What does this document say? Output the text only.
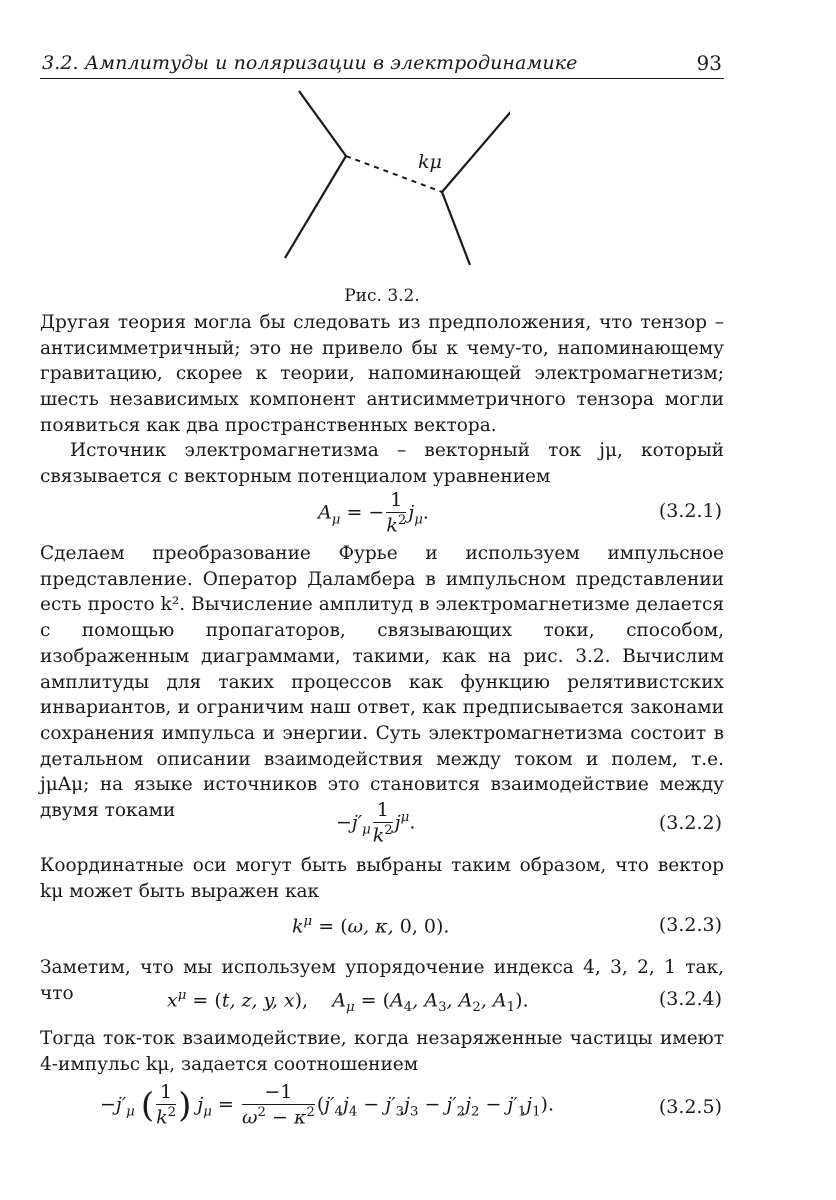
3.2. Амплитуды и поляризации в электродинамике	93
kμ
Рис. 3.2.

Другая теория могла бы следовать из предположения, что тензор – антисимметричный; это не привело бы к чему-то, напоминающему гравитацию, скорее к теории, напоминающей электромагнетизм; шесть независимых компонент антисимметричного тензора могли появиться как два пространственных вектора.

Источник электромагнетизма – векторный ток jμ, который связывается с векторным потенциалом уравнением

$A_\mu$ = − $\frac{1}{k^2} j_\mu$.	(3.2.1)

Сделаем преобразование Фурье и используем импульсное представление. Оператор Даламбера в импульсном представлении есть просто k². Вычисление амплитуд в электромагнетизме делается с помощью пропагаторов, связывающих токи, способом, изображенным диаграммами, такими, как на рис. 3.2. Вычислим амплитуды для таких процессов как функцию релятивистских инвариантов, и ограничим наш ответ, как предписывается законами сохранения импульса и энергии. Суть электромагнетизма состоит в детальном описании взаимодействия между током и полем, т.е. jμAμ; на языке источников это становится взаимодействие между двумя токами

$-j'_\mu \frac{1}{k^2} j^\mu$.	(3.2.2)

Координатные оси могут быть выбраны таким образом, что вектор kμ может быть выражен как

$k^\mu = (\omega$, κ, 0, 0).	(3.2.3)

Заметим, что мы используем упорядочение индекса 4, 3, 2, 1 так, что	$x^\mu = (t$, z, y, x),    $A_\mu = (A_4$, $A_3$, $A_2$, $A_1$).	(3.2.4)

Тогда ток-ток взаимодействие, когда незаряженные частицы имеют 4-импульс kμ, задается соотношением

$-j'_\mu$ ( $\frac{1}{k^2}$ ) $j_\mu = \frac{-1}{\omega^2 - \kappa^2} (j'_4j_4 - j'_3j_3 - j'_2j_2 - j'_1j_1)$.	(3.2.5)
